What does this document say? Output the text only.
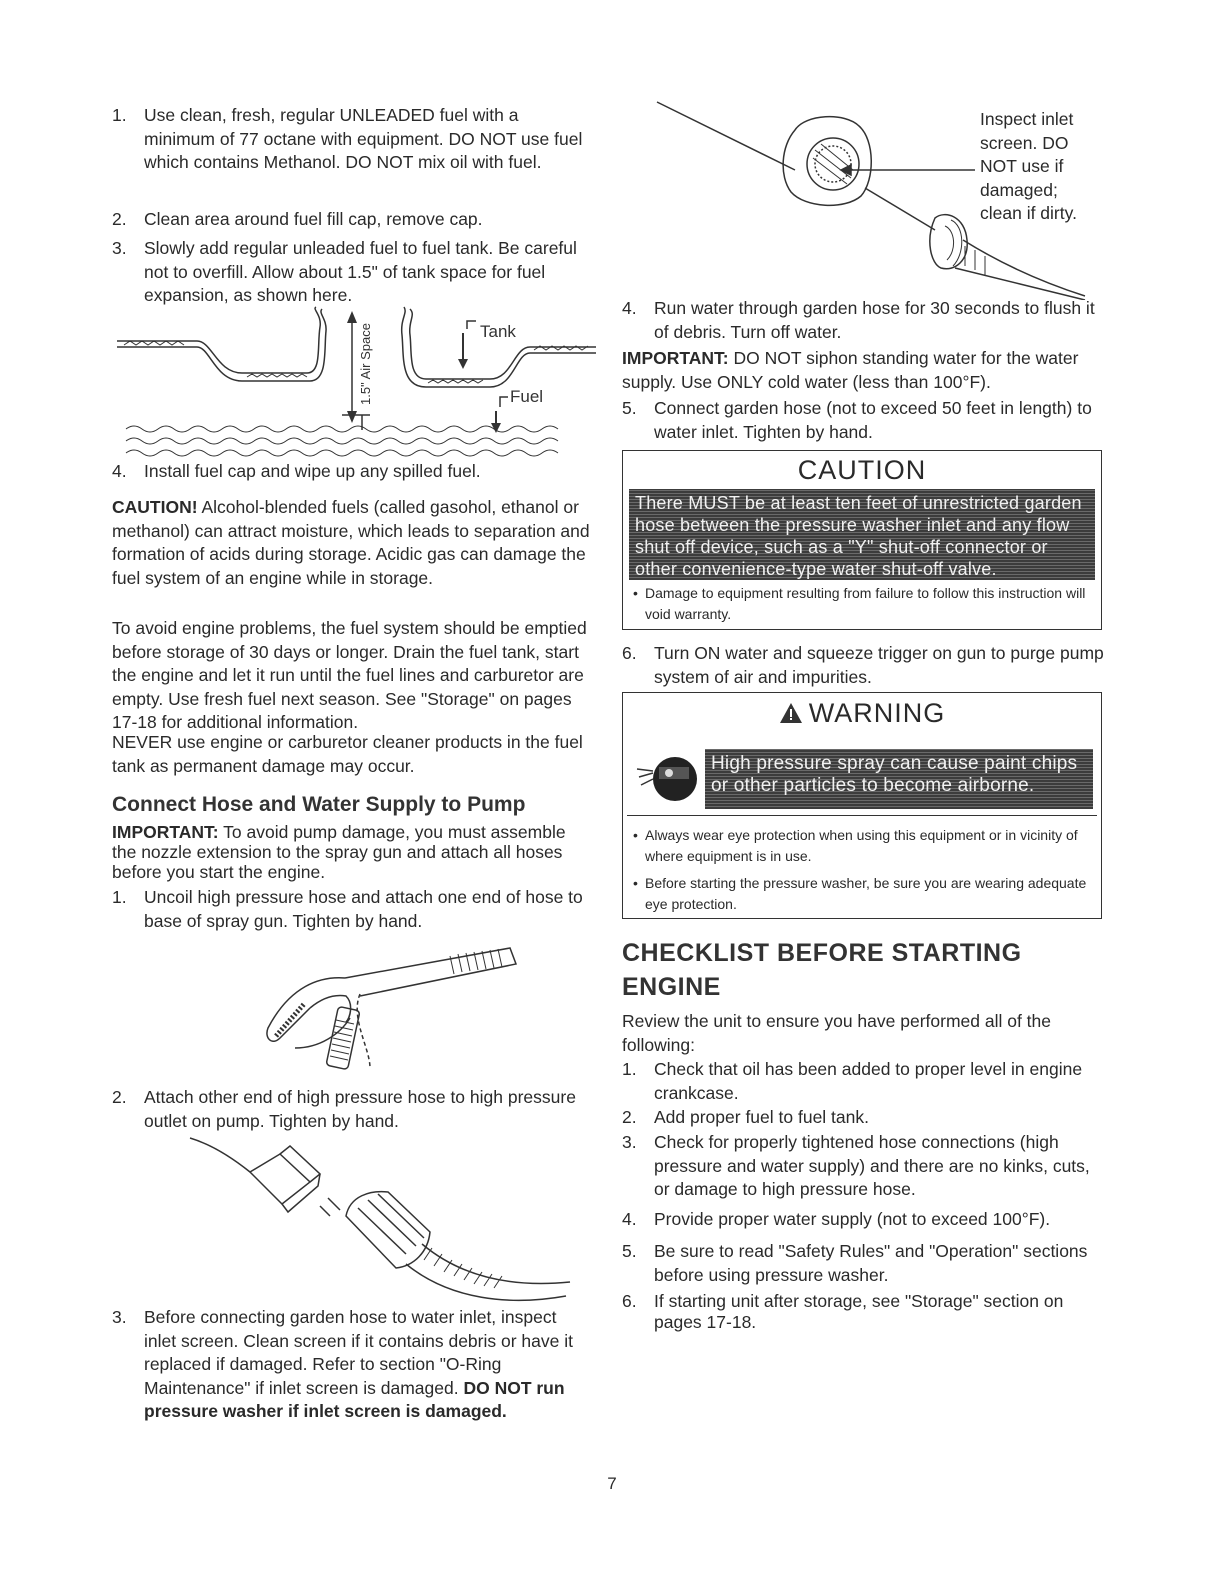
1. Use clean, fresh, regular UNLEADED fuel with a minimum of 77 octane with equipment. DO NOT use fuel which contains Methanol. DO NOT mix oil with fuel.
2. Clean area around fuel fill cap, remove cap.
3. Slowly add regular unleaded fuel to fuel tank. Be careful not to overfill. Allow about 1.5" of tank space for fuel expansion, as shown here.
1.5" Air Space	Tank
Fuel
4. Install fuel cap and wipe up any spilled fuel.
CAUTION! Alcohol-blended fuels (called gasohol, ethanol or methanol) can attract moisture, which leads to separation and formation of acids during storage. Acidic gas can damage the fuel system of an engine while in storage.
To avoid engine problems, the fuel system should be emptied before storage of 30 days or longer. Drain the fuel tank, start the engine and let it run until the fuel lines and carburetor are empty. Use fresh fuel next season. See "Storage" on pages 17-18 for additional information.
NEVER use engine or carburetor cleaner products in the fuel tank as permanent damage may occur.
Connect Hose and Water Supply to Pump
IMPORTANT: To avoid pump damage, you must assemble the nozzle extension to the spray gun and attach all hoses before you start the engine.
1. Uncoil high pressure hose and attach one end of hose to base of spray gun. Tighten by hand.
2. Attach other end of high pressure hose to high pressure outlet on pump. Tighten by hand.
3. Before connecting garden hose to water inlet, inspect inlet screen. Clean screen if it contains debris or have it replaced if damaged. Refer to section "O-Ring Maintenance" if inlet screen is damaged. DO NOT run pressure washer if inlet screen is damaged.
Inspect inlet screen. DO NOT use if damaged; clean if dirty.
4. Run water through garden hose for 30 seconds to flush it of debris. Turn off water.
IMPORTANT: DO NOT siphon standing water for the water supply. Use ONLY cold water (less than 100°F).
5. Connect garden hose (not to exceed 50 feet in length) to water inlet. Tighten by hand.
CAUTION
There MUST be at least ten feet of unrestricted garden hose between the pressure washer inlet and any flow shut off device, such as a "Y" shut-off connector or other convenience-type water shut-off valve.
• Damage to equipment resulting from failure to follow this instruction will void warranty.
6. Turn ON water and squeeze trigger on gun to purge pump system of air and impurities.
WARNING
High pressure spray can cause paint chips or other particles to become airborne.
• Always wear eye protection when using this equipment or in vicinity of where equipment is in use.
• Before starting the pressure washer, be sure you are wearing adequate eye protection.
CHECKLIST BEFORE STARTING ENGINE
Review the unit to ensure you have performed all of the following:
1. Check that oil has been added to proper level in engine crankcase.
2. Add proper fuel to fuel tank.
3. Check for properly tightened hose connections (high pressure and water supply) and there are no kinks, cuts, or damage to high pressure hose.
4. Provide proper water supply (not to exceed 100°F).
5. Be sure to read "Safety Rules" and "Operation" sections before using pressure washer.
6. If starting unit after storage, see "Storage" section on pages 17-18.
7
